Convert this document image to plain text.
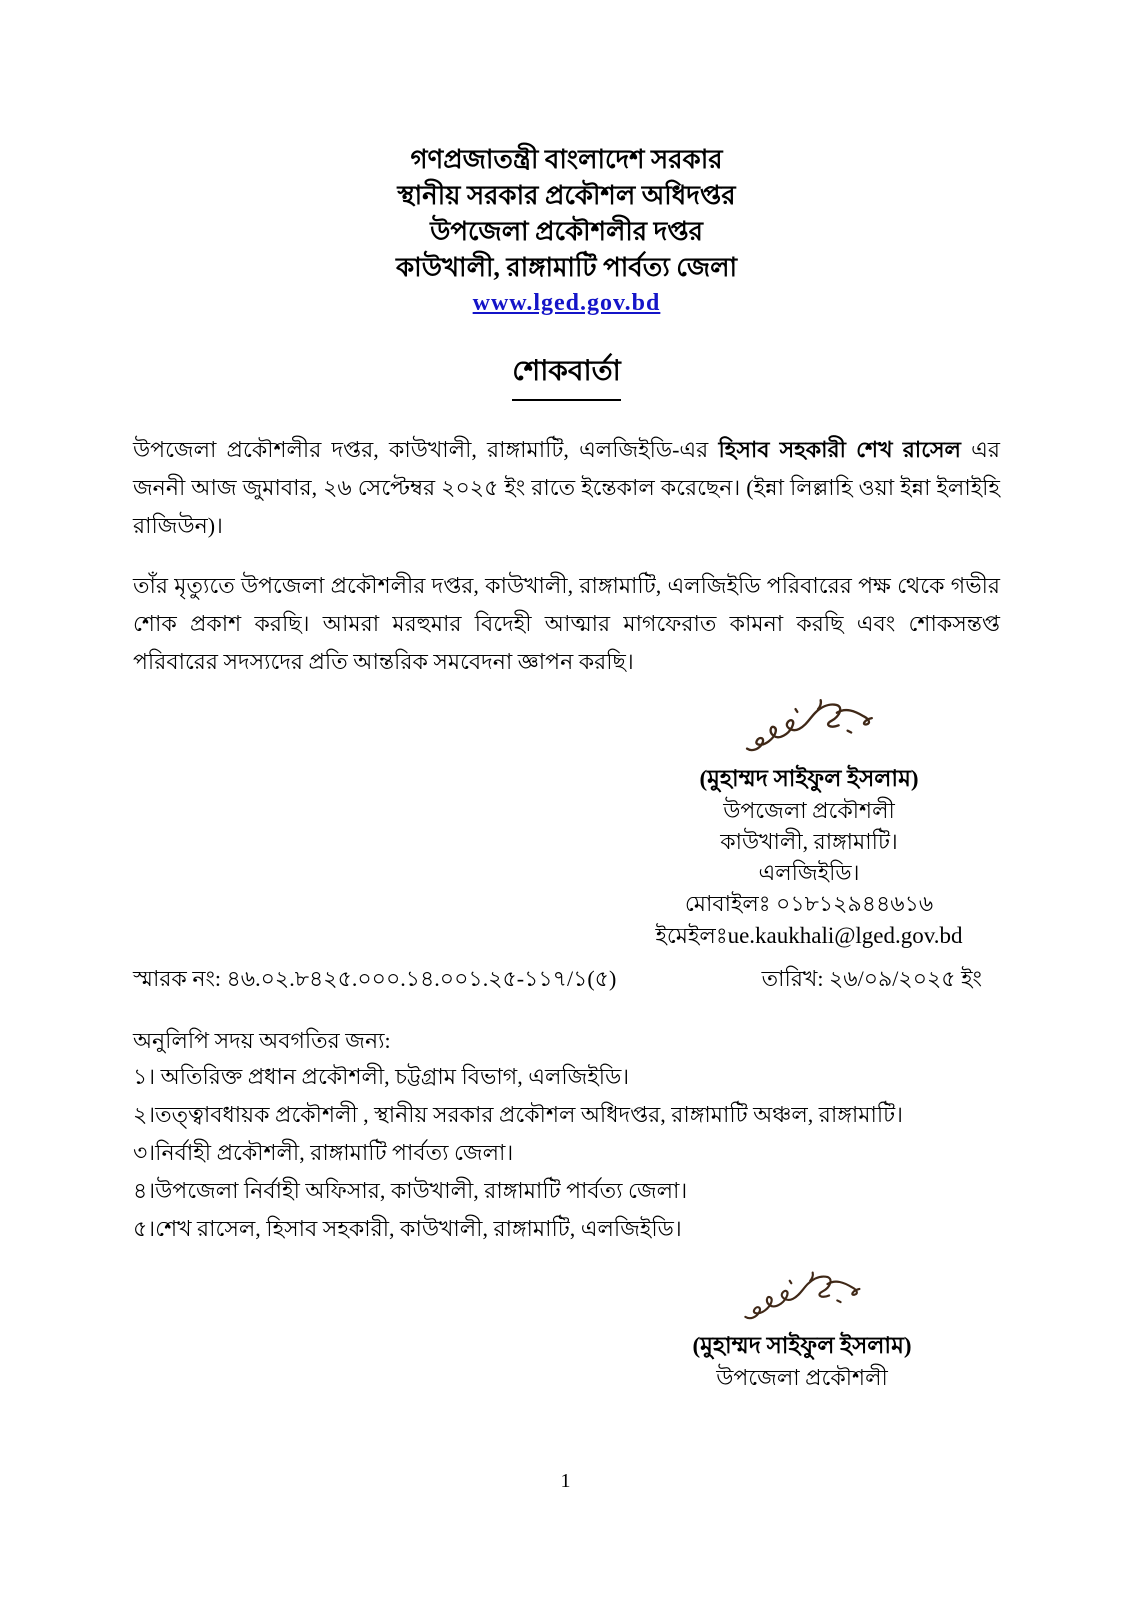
গণপ্রজাতন্ত্রী বাংলাদেশ সরকার
স্থানীয় সরকার প্রকৌশল অধিদপ্তর
উপজেলা প্রকৌশলীর দপ্তর
কাউখালী, রাঙ্গামাটি পার্বত্য জেলা
www.lged.gov.bd
শোকবার্তা

উপজেলা প্রকৌশলীর দপ্তর, কাউখালী, রাঙ্গামাটি, এলজিইডি-এর হিসাব সহকারী শেখ রাসেল এর জননী আজ জুমাবার, ২৬ সেপ্টেম্বর ২০২৫ ইং রাতে ইন্তেকাল করেছেন। (ইন্না লিল্লাহি ওয়া ইন্না ইলাইহি রাজিউন)।

তাঁর মৃত্যুতে উপজেলা প্রকৌশলীর দপ্তর, কাউখালী, রাঙ্গামাটি, এলজিইডি পরিবারের পক্ষ থেকে গভীর শোক প্রকাশ করছি। আমরা মরহুমার বিদেহী আত্মার মাগফেরাত কামনা করছি এবং শোকসন্তপ্ত পরিবারের সদস্যদের প্রতি আন্তরিক সমবেদনা জ্ঞাপন করছি।

(মুহাম্মদ সাইফুল ইসলাম)
উপজেলা প্রকৌশলী
কাউখালী, রাঙ্গামাটি।
এলজিইডি।
মোবাইলঃ ০১৮১২৯৪৪৬১৬
ইমেইলঃue.kaukhali@lged.gov.bd
স্মারক নং: ৪৬.০২.৮৪২৫.০০০.১৪.০০১.২৫-১১৭/১(৫)	তারিখ: ২৬/০৯/২০২৫ ইং
অনুলিপি সদয় অবগতির জন্য:
১। অতিরিক্ত প্রধান প্রকৌশলী, চট্টগ্রাম বিভাগ, এলজিইডি।
২।তত্ত্বাবধায়ক প্রকৌশলী , স্থানীয় সরকার প্রকৌশল অধিদপ্তর, রাঙ্গামাটি অঞ্চল, রাঙ্গামাটি।
৩।নির্বাহী প্রকৌশলী, রাঙ্গামাটি পার্বত্য জেলা।
৪।উপজেলা নির্বাহী অফিসার, কাউখালী, রাঙ্গামাটি পার্বত্য জেলা।
৫।শেখ রাসেল, হিসাব সহকারী, কাউখালী, রাঙ্গামাটি, এলজিইডি।
(মুহাম্মদ সাইফুল ইসলাম)
উপজেলা প্রকৌশলী
1
